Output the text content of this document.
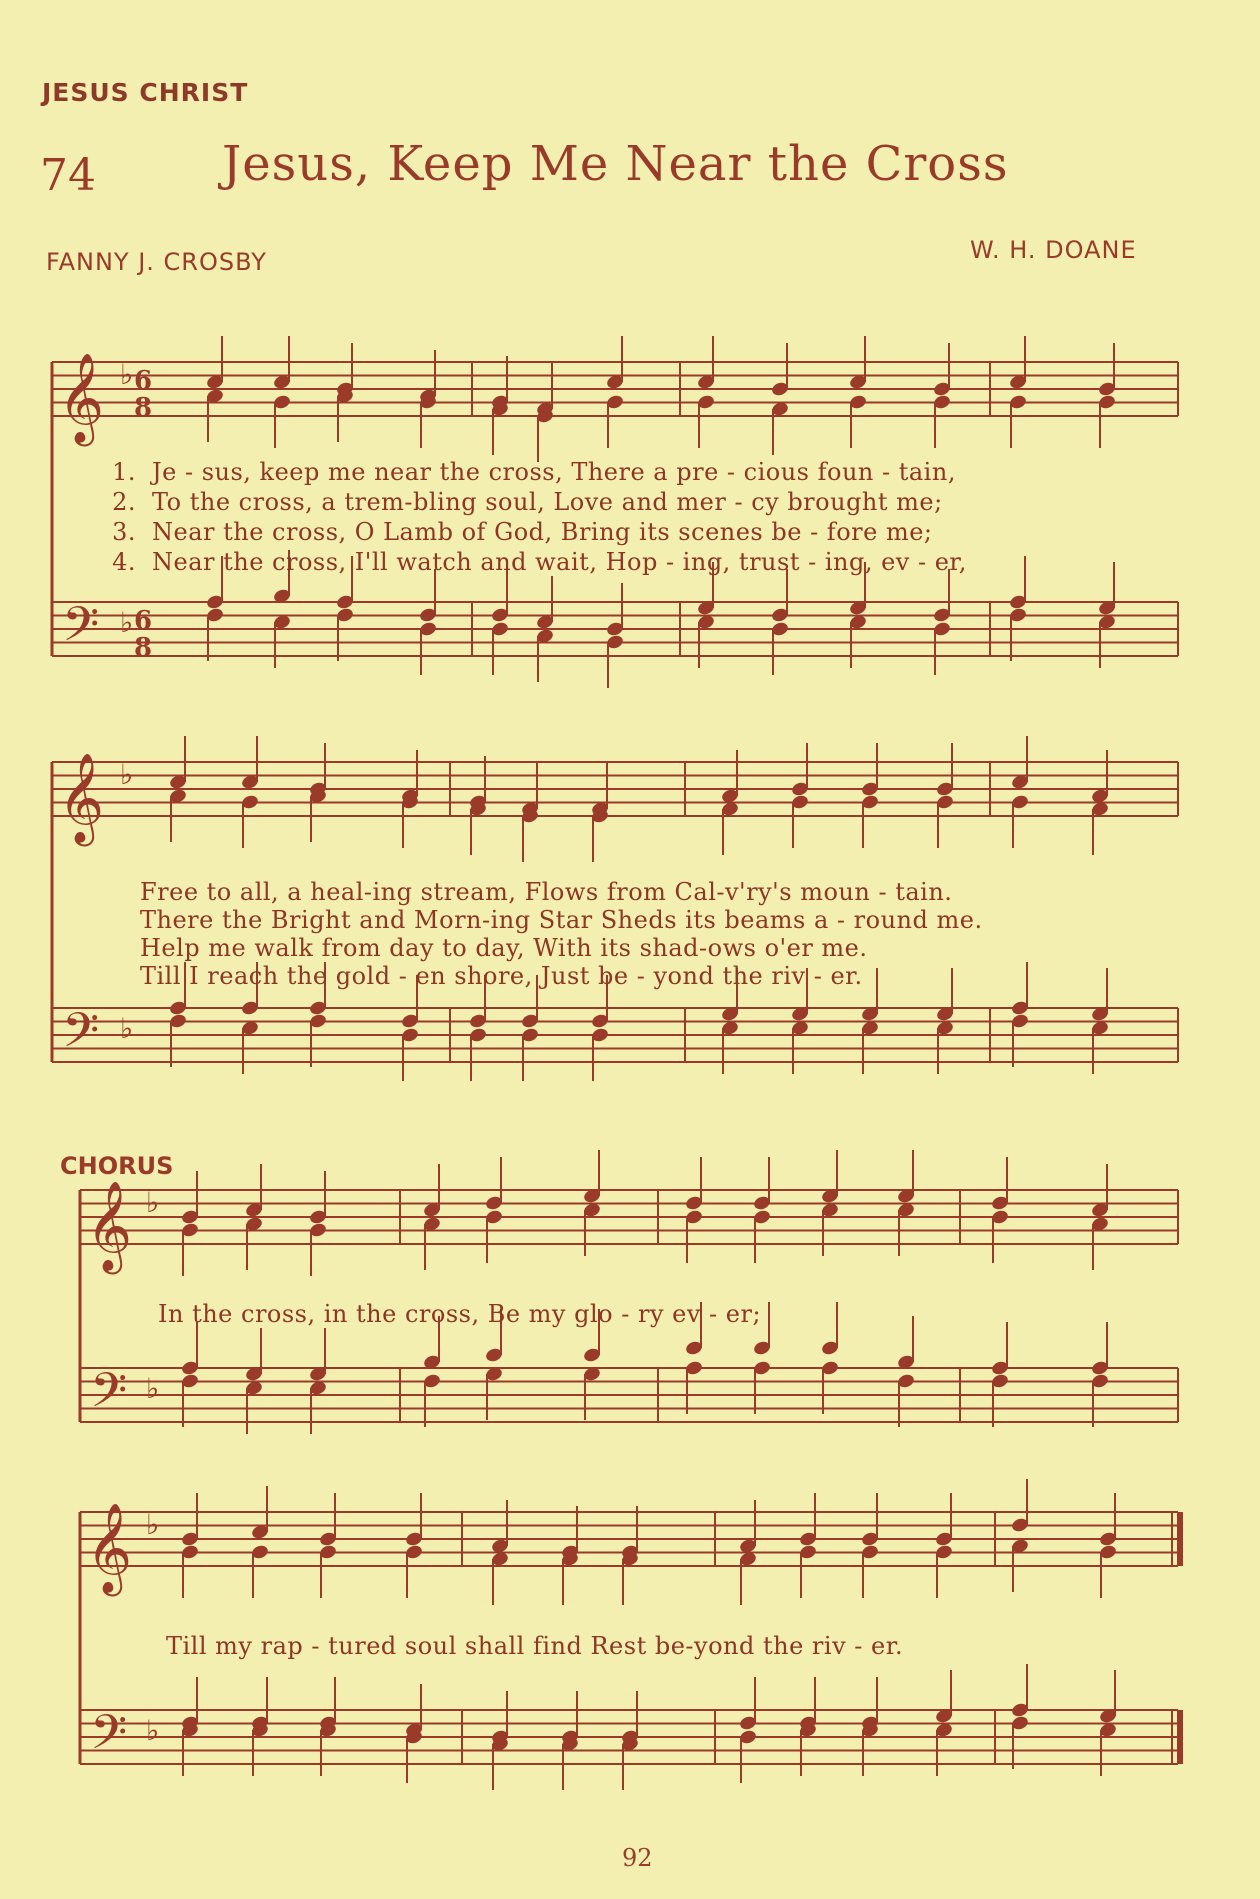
𝄞
𝄢
♭
♭
6
8
6
8
𝄞
𝄢
♭
♭
𝄞
𝄢
♭
♭
𝄞
𝄢
♭
♭
JESUS CHRIST
74	Jesus, Keep Me Near the Cross
FANNY J. CROSBY	W. H. DOANE
1. Je - sus, keep me near the cross, There a pre - cious foun - tain,
2. To the cross, a trem-bling soul, Love and mer - cy brought me;
3. Near the cross, O Lamb of God, Bring its scenes be - fore me;
4. Near the cross, I'll watch and wait, Hop - ing, trust - ing, ev - er,
Free to all, a heal-ing stream, Flows from Cal-v'ry's moun - tain.
There the Bright and Morn-ing Star Sheds its beams a - round me.
Help me walk from day to day, With its shad-ows o'er me.
Till I reach the gold - en shore, Just be - yond the riv - er.
CHORUS
In the cross, in the cross, Be my glo - ry ev - er;
Till my rap - tured soul shall find Rest be-yond the riv - er.
92
